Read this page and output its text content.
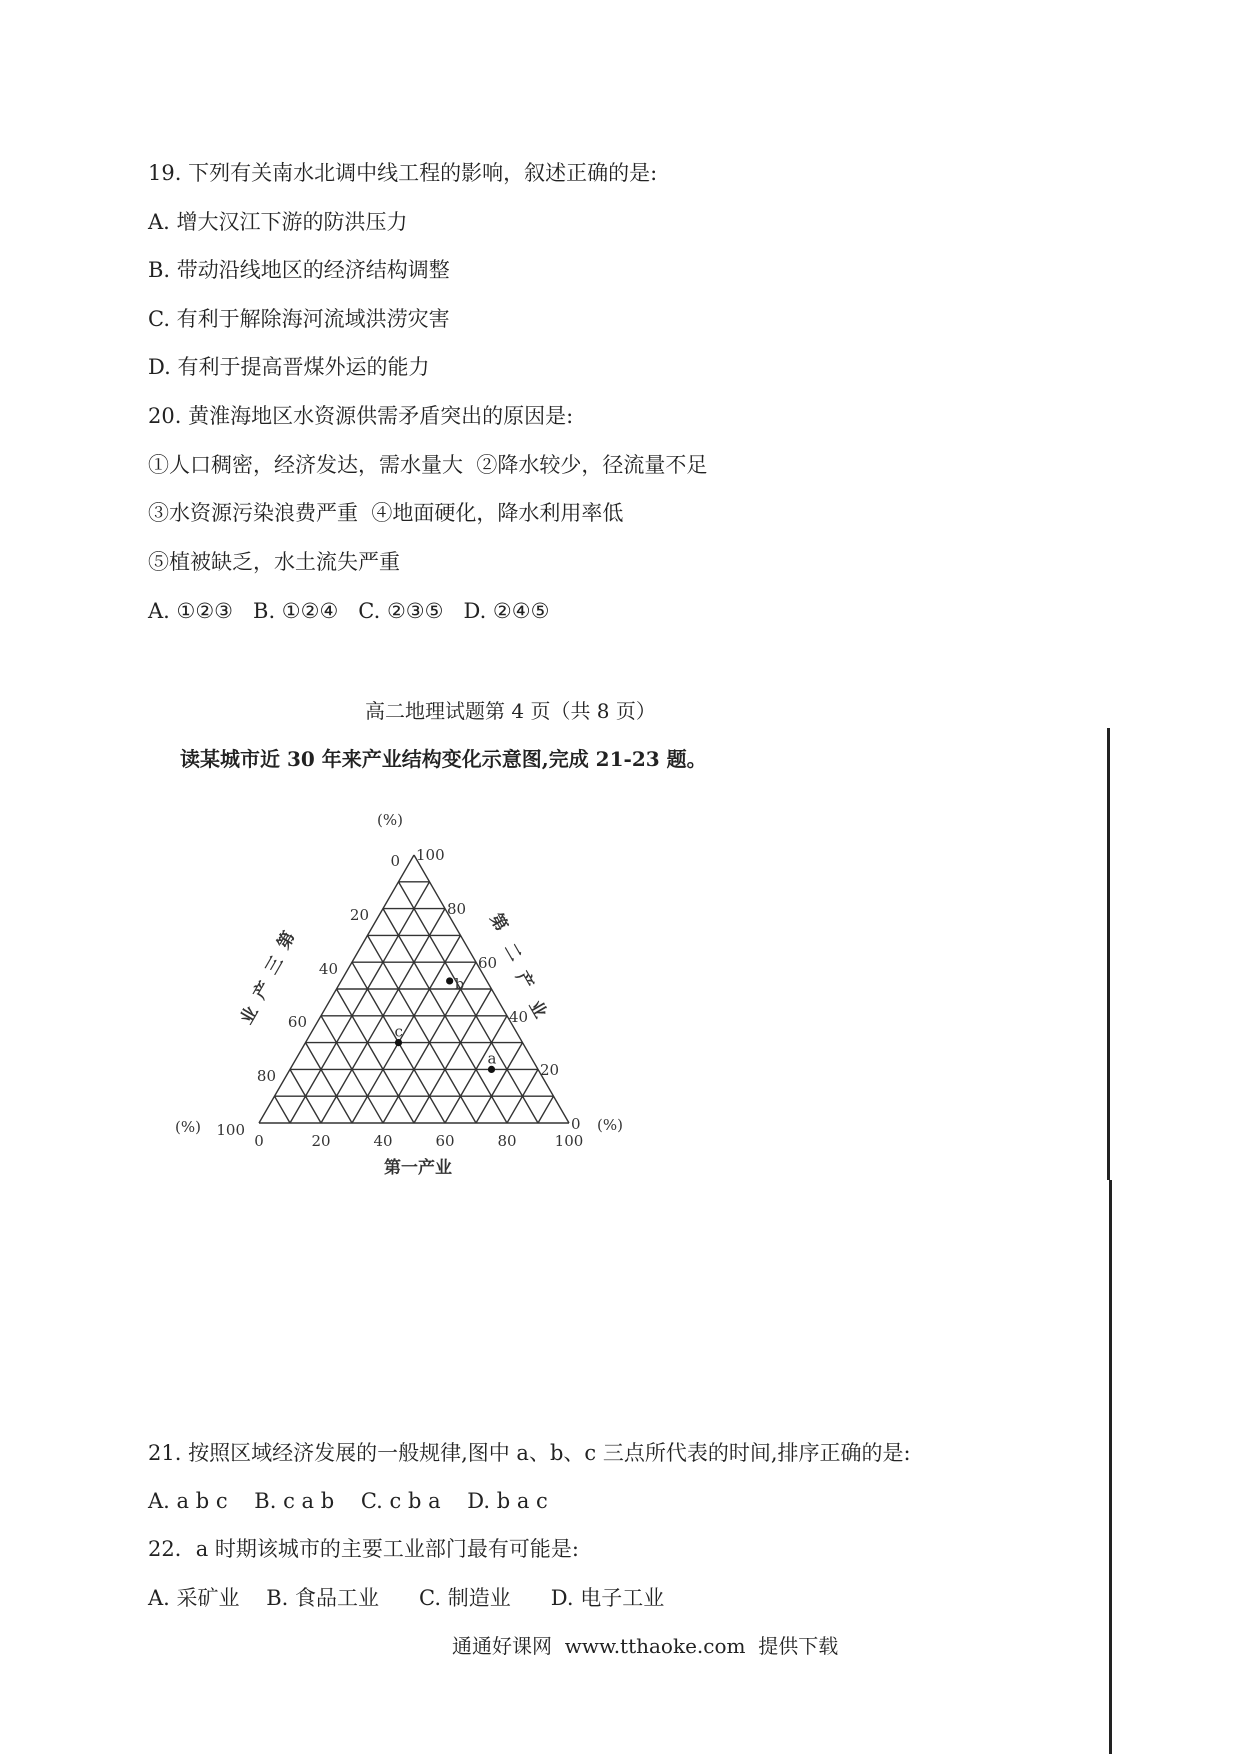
19. 下列有关南水北调中线工程的影响，叙述正确的是:
A. 增大汉江下游的防洪压力
B. 带动沿线地区的经济结构调整
C. 有利于解除海河流域洪涝灾害
D. 有利于提高晋煤外运的能力
20. 黄淮海地区水资源供需矛盾突出的原因是:
①人口稠密，经济发达，需水量大  ②降水较少，径流量不足
③水资源污染浪费严重  ④地面硬化，降水利用率低
⑤植被缺乏，水土流失严重
A. ①②③   B. ①②④   C. ②③⑤   D. ②④⑤
高二地理试题第 4 页（共 8 页）
读某城市近 30 年来产业结构变化示意图,完成 21-23 题。
a
b
c
(%)
(%)	(%)
0	20	40	60	80	100
0
20
40
60
80
100
100
80
60
40
20
0
第
三
产
业
第
二
产
业
第一产业
21. 按照区域经济发展的一般规律,图中 a、b、c 三点所代表的时间,排序正确的是:
A. a b c    B. c a b    C. c b a    D. b a c
22．a 时期该城市的主要工业部门最有可能是:
A. 采矿业    B. 食品工业      C. 制造业      D. 电子工业
通通好课网  www.tthaoke.com  提供下载
